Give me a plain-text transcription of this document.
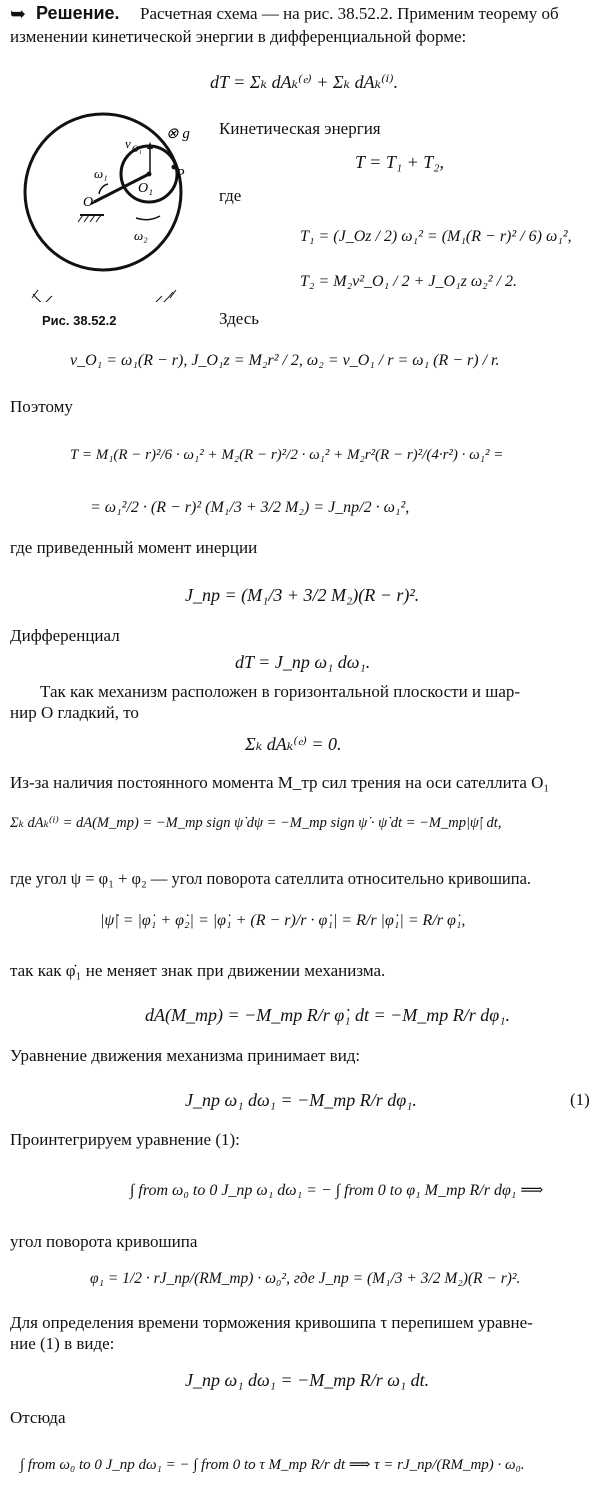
➥ Решение. Расчетная схема — на рис. 38.52.2. Применим теорему об
изменении кинетической энергии в дифференциальной форме:
dT = Σₖ dAₖ⁽ᵉ⁾ + Σₖ dAₖ⁽ⁱ⁾.
v O₁
⊗ g
P
ω₁
O
O₁
ω₂
Рис. 38.52.2
Кинетическая энергия
T = T₁ + T₂,
где
T₁ = (J_Oz / 2) ω₁² = (M₁(R − r)² / 6) ω₁²,
T₂ = M₂v²_O₁ / 2 + J_O₁z ω₂² / 2.
Здесь
v_O₁ = ω₁(R − r), J_O₁z = M₂r² / 2, ω₂ = v_O₁ / r = ω₁ (R − r) / r.
Поэтому
T = M₁(R − r)²/6 · ω₁² + M₂(R − r)²/2 · ω₁² + M₂r²(R − r)²/(4·r²) · ω₁² =
= ω₁²/2 · (R − r)² (M₁/3 + 3/2 M₂) = J_пр/2 · ω₁²,
где приведенный момент инерции
J_пр = (M₁/3 + 3/2 M₂)(R − r)².
Дифференциал
dT = J_пр ω₁ dω₁.
Так как механизм расположен в горизонтальной плоскости и шар-
нир O гладкий, то
Σₖ dAₖ⁽ᵉ⁾ = 0.
Из-за наличия постоянного момента M_тр сил трения на оси сателлита O₁
Σₖ dAₖ⁽ⁱ⁾ = dA(M_тр) = −M_тр sign ψ̇ dψ = −M_тр sign ψ̇ · ψ̇ dt = −M_тр|ψ̇| dt,
где угол ψ = φ₁ + φ₂ — угол поворота сателлита относительно кривошипа.
|ψ̇| = |φ̇₁ + φ̇₂| = |φ̇₁ + (R − r)/r · φ̇₁| = R/r |φ̇₁| = R/r φ̇₁,
так как φ̇₁ не меняет знак при движении механизма.
dA(M_тр) = −M_тр R/r φ̇₁ dt = −M_тр R/r dφ₁.
Уравнение движения механизма принимает вид:
J_пр ω₁ dω₁ = −M_тр R/r dφ₁.	(1)
Проинтегрируем уравнение (1):
∫ from ω₀ to 0 J_пр ω₁ dω₁ = − ∫ from 0 to φ₁ M_тр R/r dφ₁ ⟹
угол поворота кривошипа
φ₁ = 1/2 · rJ_пр/(RM_тр) · ω₀², где J_пр = (M₁/3 + 3/2 M₂)(R − r)².
Для определения времени торможения кривошипа τ перепишем уравне-
ние (1) в виде:
J_пр ω₁ dω₁ = −M_тр R/r ω₁ dt.
Отсюда
∫ from ω₀ to 0 J_пр dω₁ = − ∫ from 0 to τ M_тр R/r dt ⟹ τ = rJ_пр/(RM_тр) · ω₀.
